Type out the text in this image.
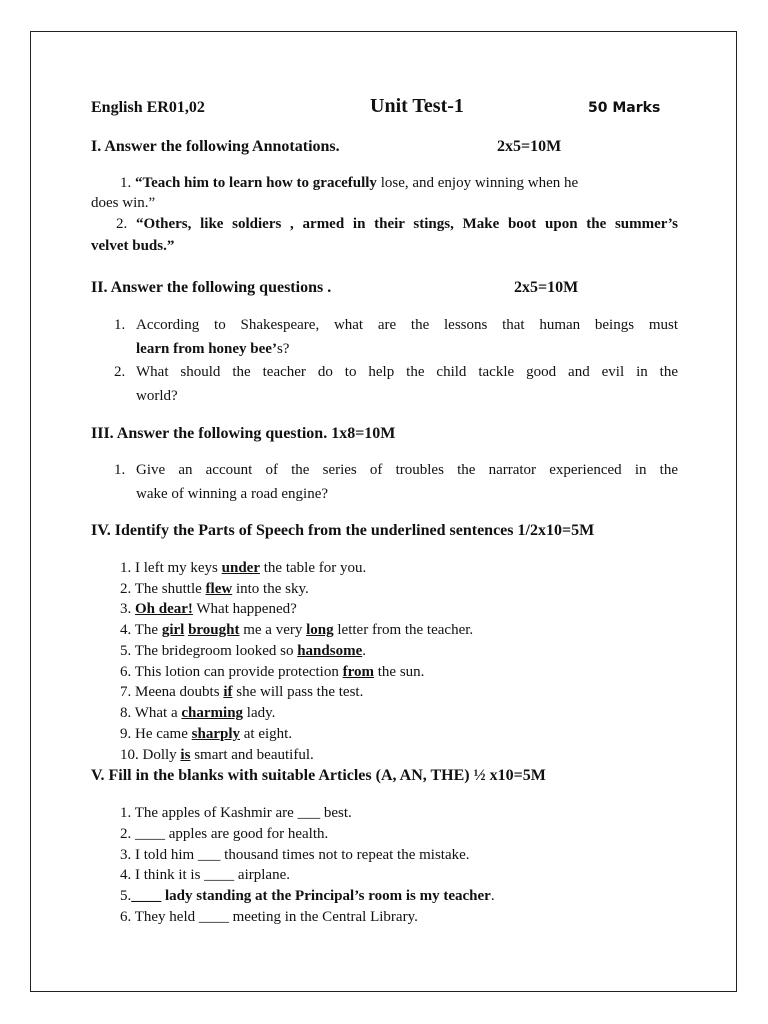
English ER01,02	Unit Test-1	50 Marks
I. Answer the following Annotations.	2x5=10M
1. “Teach him to learn how to gracefully lose, and enjoy winning when he
does win.”
2. “Others, like soldiers , armed in their stings, Make boot upon the summer’s
velvet buds.”
II. Answer the following questions .	2x5=10M
1. According to Shakespeare, what are the lessons that human beings must
learn from honey bee’s?
2. What should the teacher do to help the child tackle good and evil in the
world?
III. Answer the following question. 1x8=10M
1. Give an account of the series of troubles the narrator experienced in the
wake of winning a road engine?
IV. Identify the Parts of Speech from the underlined sentences 1/2x10=5M
1. I left my keys under the table for you.
2. The shuttle flew into the sky.
3. Oh dear! What happened?
4. The girl brought me a very long letter from the teacher.
5. The bridegroom looked so handsome.
6. This lotion can provide protection from the sun.
7. Meena doubts if she will pass the test.
8. What a charming lady.
9. He came sharply at eight.
10. Dolly is smart and beautiful.
V. Fill in the blanks with suitable Articles (A, AN, THE) ½ x10=5M
1. The apples of Kashmir are ___ best.
2. ____ apples are good for health.
3. I told him ___ thousand times not to repeat the mistake.
4. I think it is ____ airplane.
5.____ lady standing at the Principal’s room is my teacher.
6. They held ____ meeting in the Central Library.
